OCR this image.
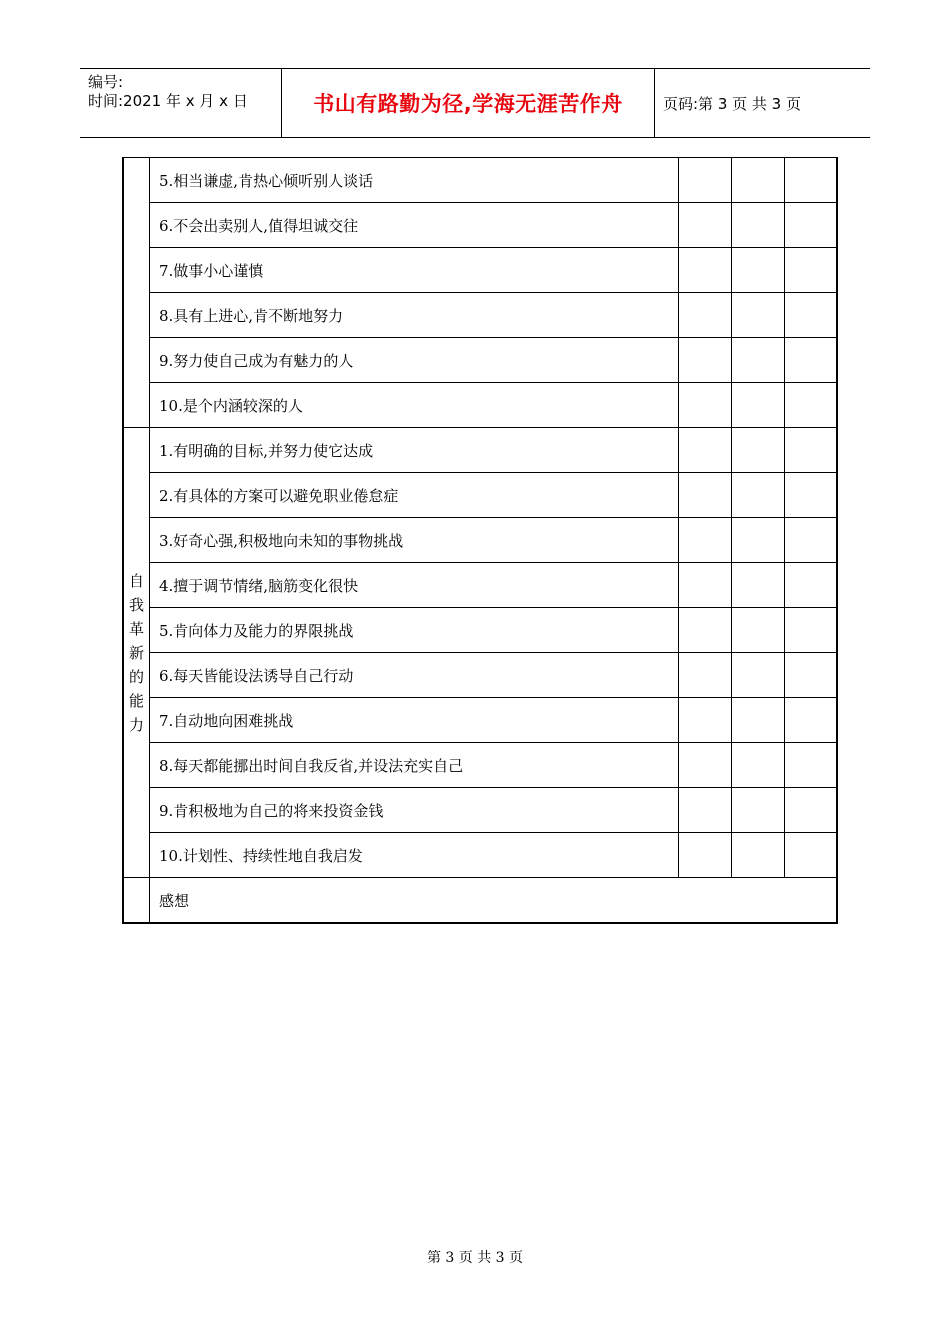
编号:
时间:2021 年 x 月 x 日	书山有路勤为径,学海无涯苦作舟	页码:第 3 页 共 3 页
	5.相当谦虚,肯热心倾听别人谈话			
	6.不会出卖别人,值得坦诚交往			
	7.做事小心谨慎			
	8.具有上进心,肯不断地努力			
	9.努力使自己成为有魅力的人			
	10.是个内涵较深的人			
自我革新的能力	1.有明确的目标,并努力使它达成			
	2.有具体的方案可以避免职业倦怠症			
	3.好奇心强,积极地向未知的事物挑战			
	4.擅于调节情绪,脑筋变化很快			
	5.肯向体力及能力的界限挑战			
	6.每天皆能设法诱导自己行动			
	7.自动地向困难挑战			
	8.每天都能挪出时间自我反省,并设法充实自己			
	9.肯积极地为自己的将来投资金钱			
	10.计划性、持续性地自我启发			
	感想			
第 3 页 共 3 页
